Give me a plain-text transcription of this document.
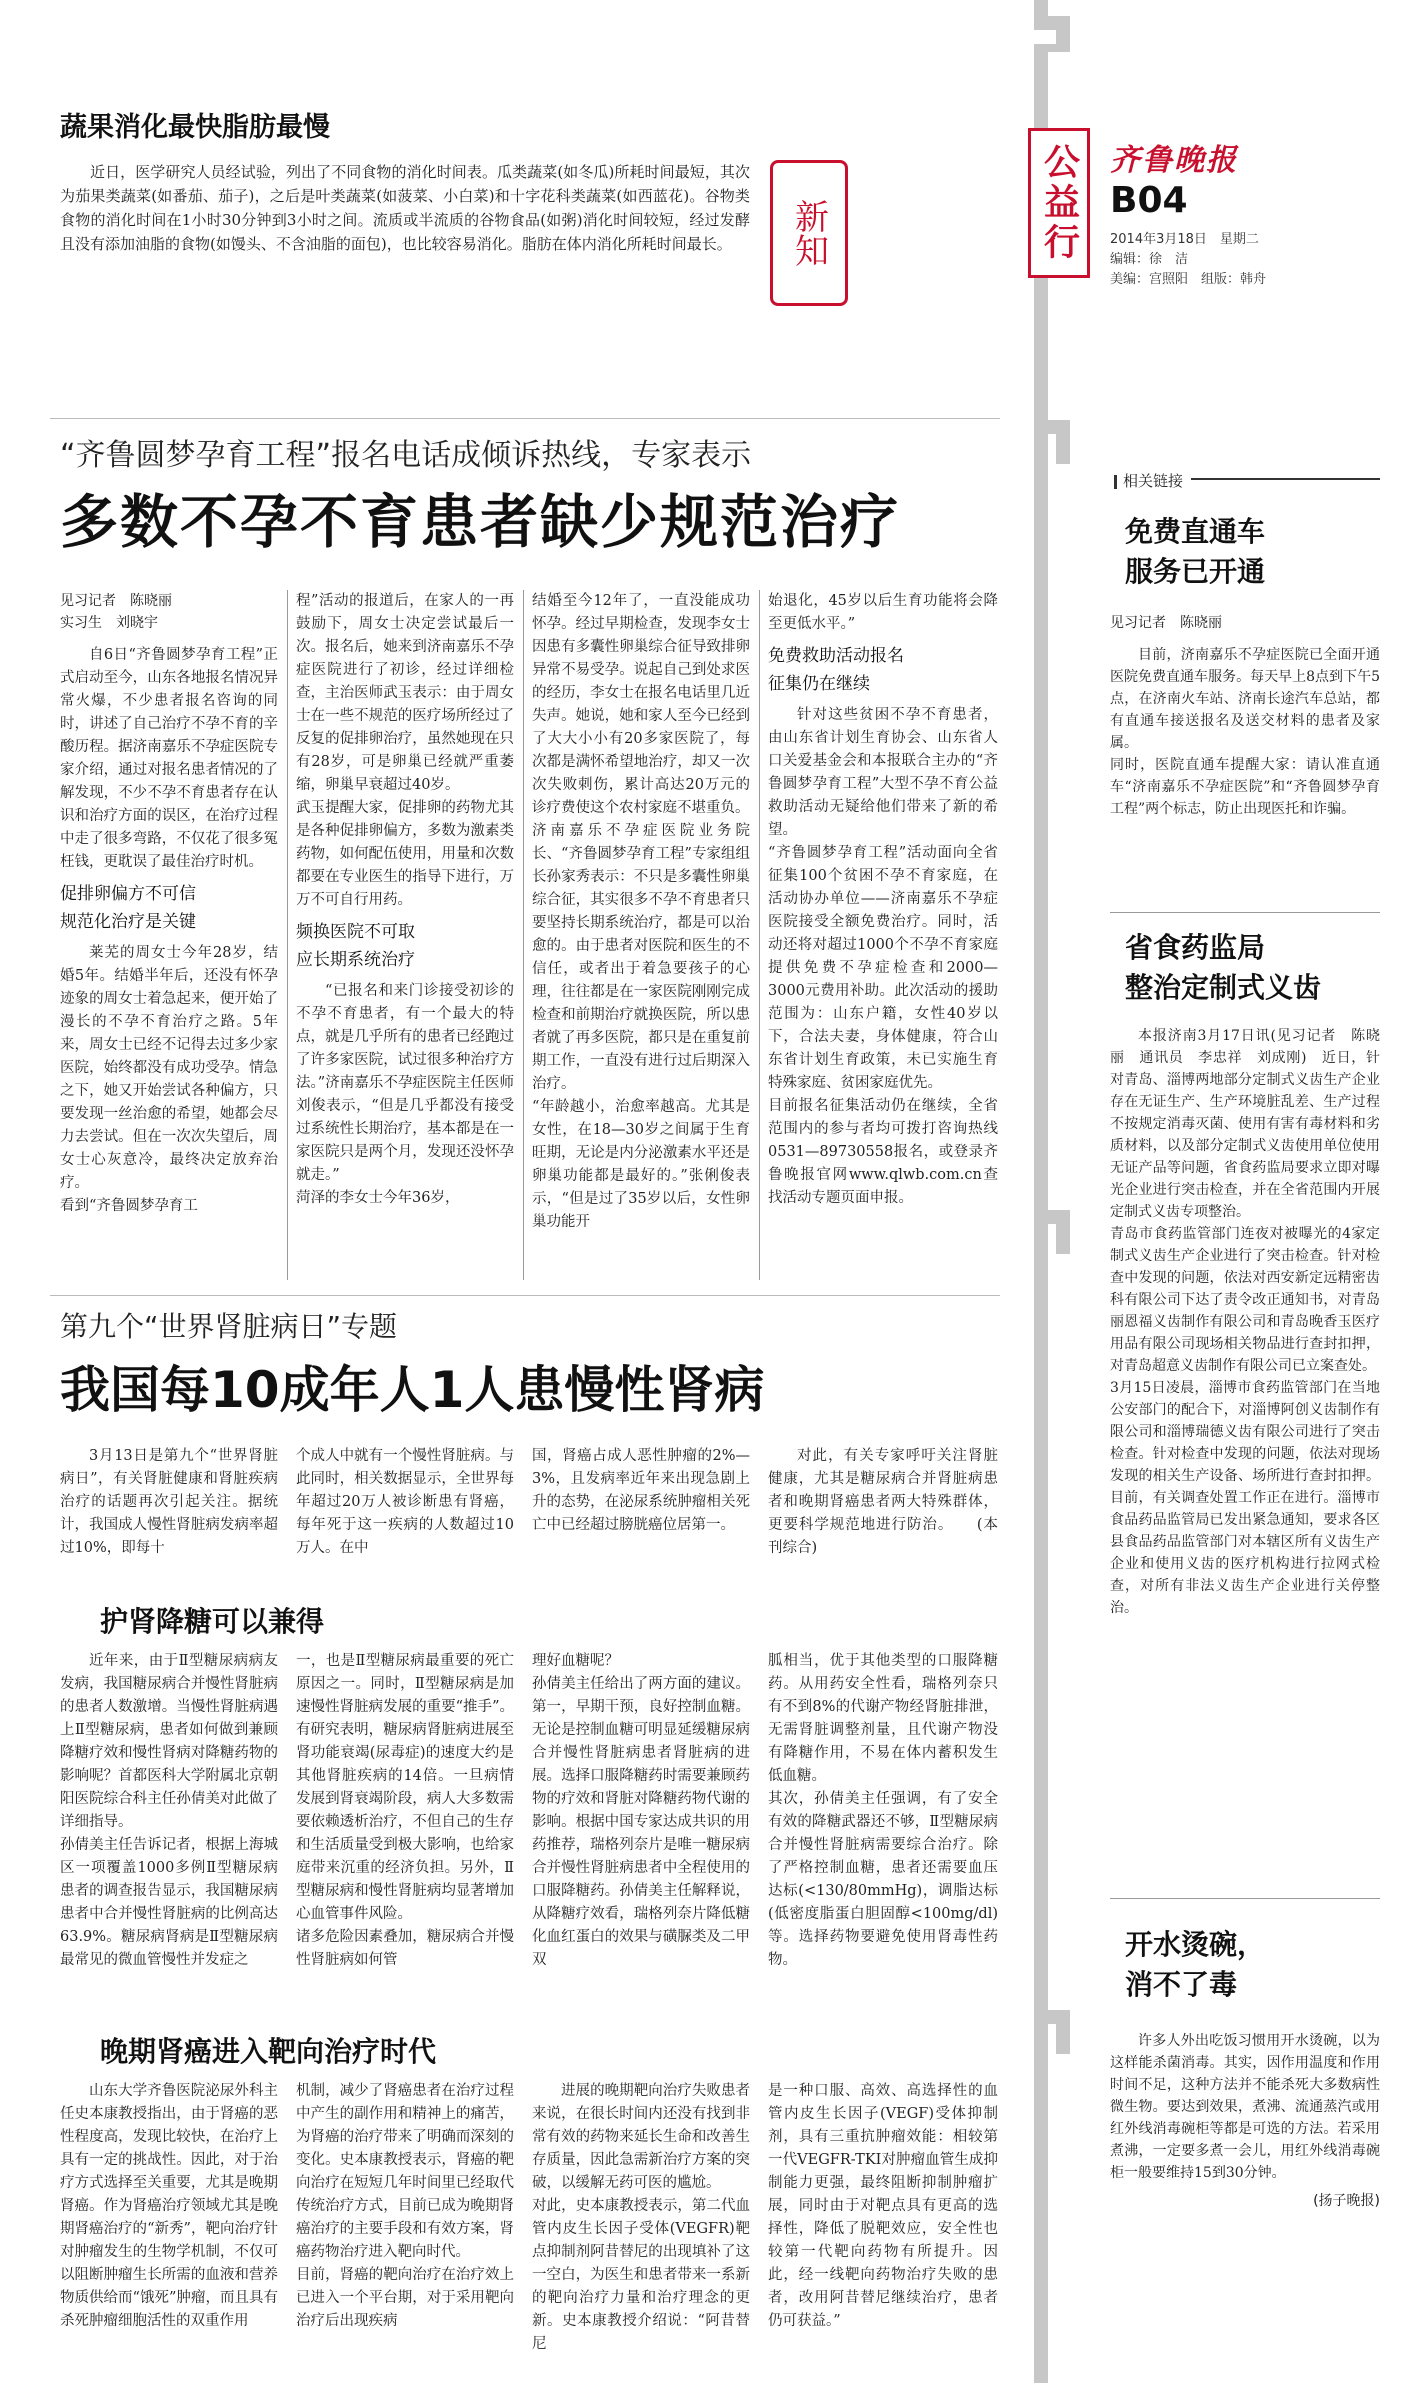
公益行 齐鲁晚报
B04
2014年3月18日　星期二
编辑：徐　洁
美编：宫照阳　组版：韩舟
蔬果消化最快脂肪最慢
新知

近日，医学研究人员经试验，列出了不同食物的消化时间表。瓜类蔬菜(如冬瓜)所耗时间最短，其次为茄果类蔬菜(如番茄、茄子)，之后是叶类蔬菜(如菠菜、小白菜)和十字花科类蔬菜(如西蓝花)。谷物类食物的消化时间在1小时30分钟到3小时之间。流质或半流质的谷物食品(如粥)消化时间较短，经过发酵且没有添加油脂的食物(如馒头、不含油脂的面包)，也比较容易消化。脂肪在体内消化所耗时间最长。

“齐鲁圆梦孕育工程”报名电话成倾诉热线，专家表示
多数不孕不育患者缺少规范治疗

见习记者　陈晓丽

实习生　刘晓宇

自6日“齐鲁圆梦孕育工程”正式启动至今，山东各地报名情况异常火爆，不少患者报名咨询的同时，讲述了自己治疗不孕不育的辛酸历程。据济南嘉乐不孕症医院专家介绍，通过对报名患者情况的了解发现，不少不孕不育患者存在认识和治疗方面的误区，在治疗过程中走了很多弯路，不仅花了很多冤枉钱，更耽误了最佳治疗时机。

促排卵偏方不可信
规范化治疗是关键

莱芜的周女士今年28岁，结婚5年。结婚半年后，还没有怀孕迹象的周女士着急起来，便开始了漫长的不孕不育治疗之路。5年来，周女士已经不记得去过多少家医院，始终都没有成功受孕。情急之下，她又开始尝试各种偏方，只要发现一丝治愈的希望，她都会尽力去尝试。但在一次次失望后，周女士心灰意冷，最终决定放弃治疗。
看到“齐鲁圆梦孕育工

程”活动的报道后，在家人的一再鼓励下，周女士决定尝试最后一次。报名后，她来到济南嘉乐不孕症医院进行了初诊，经过详细检查，主治医师武玉表示：由于周女士在一些不规范的医疗场所经过了反复的促排卵治疗，虽然她现在只有28岁，可是卵巢已经就严重萎缩，卵巢早衰超过40岁。
武玉提醒大家，促排卵的药物尤其是各种促排卵偏方，多数为激素类药物，如何配伍使用，用量和次数都要在专业医生的指导下进行，万万不可自行用药。

频换医院不可取
应长期系统治疗

“已报名和来门诊接受初诊的不孕不育患者，有一个最大的特点，就是几乎所有的患者已经跑过了许多家医院，试过很多种治疗方法。”济南嘉乐不孕症医院主任医师刘俊表示，“但是几乎都没有接受过系统性长期治疗，基本都是在一家医院只是两个月，发现还没怀孕就走。”
菏泽的李女士今年36岁，

结婚至今12年了，一直没能成功怀孕。经过早期检查，发现李女士因患有多囊性卵巢综合征导致排卵异常不易受孕。说起自己到处求医的经历，李女士在报名电话里几近失声。她说，她和家人至今已经到了大大小小有20多家医院了，每次都是满怀希望地治疗，却又一次次失败刺伤，累计高达20万元的诊疗费使这个农村家庭不堪重负。
济南嘉乐不孕症医院业务院长、“齐鲁圆梦孕育工程”专家组组长孙家秀表示：不只是多囊性卵巢综合征，其实很多不孕不育患者只要坚持长期系统治疗，都是可以治愈的。由于患者对医院和医生的不信任，或者出于着急要孩子的心理，往往都是在一家医院刚刚完成检查和前期治疗就换医院，所以患者就了再多医院，都只是在重复前期工作，一直没有进行过后期深入治疗。
“年龄越小，治愈率越高。尤其是女性，在18—30岁之间属于生育旺期，无论是内分泌激素水平还是卵巢功能都是最好的。”张俐俊表示，“但是过了35岁以后，女性卵巢功能开

始退化，45岁以后生育功能将会降至更低水平。”

免费救助活动报名
征集仍在继续

针对这些贫困不孕不育患者，由山东省计划生育协会、山东省人口关爱基金会和本报联合主办的“齐鲁圆梦孕育工程”大型不孕不育公益救助活动无疑给他们带来了新的希望。
“齐鲁圆梦孕育工程”活动面向全省征集100个贫困不孕不育家庭，在活动协办单位——济南嘉乐不孕症医院接受全额免费治疗。同时，活动还将对超过1000个不孕不育家庭提供免费不孕症检查和2000—3000元费用补助。此次活动的援助范围为：山东户籍，女性40岁以下，合法夫妻，身体健康，符合山东省计划生育政策，未已实施生育特殊家庭、贫困家庭优先。
目前报名征集活动仍在继续，全省范围内的参与者均可拨打咨询热线0531—89730558报名，或登录齐鲁晚报官网www.qlwb.com.cn查找活动专题页面申报。

第九个“世界肾脏病日”专题
我国每10成年人1人患慢性肾病

3月13日是第九个“世界肾脏病日”，有关肾脏健康和肾脏疾病治疗的话题再次引起关注。据统计，我国成人慢性肾脏病发病率超过10%，即每十

个成人中就有一个慢性肾脏病。与此同时，相关数据显示，全世界每年超过20万人被诊断患有肾癌，每年死于这一疾病的人数超过10万人。在中

国，肾癌占成人恶性肿瘤的2%—3%，且发病率近年来出现急剧上升的态势，在泌尿系统肿瘤相关死亡中已经超过膀胱癌位居第一。

对此，有关专家呼吁关注肾脏健康，尤其是糖尿病合并肾脏病患者和晚期肾癌患者两大特殊群体，更要科学规范地进行防治。　　(本刊综合)

护肾降糖可以兼得

近年来，由于Ⅱ型糖尿病病友发病，我国糖尿病合并慢性肾脏病的患者人数激增。当慢性肾脏病遇上Ⅱ型糖尿病，患者如何做到兼顾降糖疗效和慢性肾病对降糖药物的影响呢？首都医科大学附属北京朝阳医院综合科主任孙倩美对此做了详细指导。
孙倩美主任告诉记者，根据上海城区一项覆盖1000多例Ⅱ型糖尿病患者的调查报告显示，我国糖尿病患者中合并慢性肾脏病的比例高达63.9%。糖尿病肾病是Ⅱ型糖尿病最常见的微血管慢性并发症之

一，也是Ⅱ型糖尿病最重要的死亡原因之一。同时，Ⅱ型糖尿病是加速慢性肾脏病发展的重要“推手”。有研究表明，糖尿病肾脏病进展至肾功能衰竭(尿毒症)的速度大约是其他肾脏疾病的14倍。一旦病情发展到肾衰竭阶段，病人大多数需要依赖透析治疗，不但自己的生存和生活质量受到极大影响，也给家庭带来沉重的经济负担。另外，Ⅱ型糖尿病和慢性肾脏病均显著增加心血管事件风险。
诸多危险因素叠加，糖尿病合并慢性肾脏病如何管

理好血糖呢？
孙倩美主任给出了两方面的建议。第一，早期干预，良好控制血糖。无论是控制血糖可明显延缓糖尿病合并慢性肾脏病患者肾脏病的进展。选择口服降糖药时需要兼顾药物的疗效和肾脏对降糖药物代谢的影响。根据中国专家达成共识的用药推荐，瑞格列奈片是唯一糖尿病合并慢性肾脏病患者中全程使用的口服降糖药。孙倩美主任解释说，从降糖疗效看，瑞格列奈片降低糖化血红蛋白的效果与磺脲类及二甲双

胍相当，优于其他类型的口服降糖药。从用药安全性看，瑞格列奈只有不到8%的代谢产物经肾脏排泄，无需肾脏调整剂量，且代谢产物没有降糖作用，不易在体内蓄积发生低血糖。
其次，孙倩美主任强调，有了安全有效的降糖武器还不够，Ⅱ型糖尿病合并慢性肾脏病需要综合治疗。除了严格控制血糖，患者还需要血压达标(<130/80mmHg)，调脂达标(低密度脂蛋白胆固醇<100mg/dl)等。选择药物要避免使用肾毒性药物。

晚期肾癌进入靶向治疗时代

山东大学齐鲁医院泌尿外科主任史本康教授指出，由于肾癌的恶性程度高，发现比较快，在治疗上具有一定的挑战性。因此，对于治疗方式选择至关重要，尤其是晚期肾癌。作为肾癌治疗领域尤其是晚期肾癌治疗的“新秀”，靶向治疗针对肿瘤发生的生物学机制，不仅可以阻断肿瘤生长所需的血液和营养物质供给而“饿死”肿瘤，而且具有杀死肿瘤细胞活性的双重作用

机制，减少了肾癌患者在治疗过程中产生的副作用和精神上的痛苦，为肾癌的治疗带来了明确而深刻的变化。史本康教授表示，肾癌的靶向治疗在短短几年时间里已经取代传统治疗方式，目前已成为晚期肾癌治疗的主要手段和有效方案，肾癌药物治疗进入靶向时代。
目前，肾癌的靶向治疗在治疗效上已进入一个平台期，对于采用靶向治疗后出现疾病

进展的晚期靶向治疗失败患者来说，在很长时间内还没有找到非常有效的药物来延长生命和改善生存质量，因此急需新治疗方案的突破，以缓解无药可医的尴尬。
对此，史本康教授表示，第二代血管内皮生长因子受体(VEGFR)靶点抑制剂阿昔替尼的出现填补了这一空白，为医生和患者带来一系新的靶向治疗力量和治疗理念的更新。史本康教授介绍说：“阿昔替尼

是一种口服、高效、高选择性的血管内皮生长因子(VEGF)受体抑制剂，具有三重抗肿瘤效能：相较第一代VEGFR-TKI对肿瘤血管生成抑制能力更强，最终阻断抑制肿瘤扩展，同时由于对靶点具有更高的选择性，降低了脱靶效应，安全性也较第一代靶向药物有所提升。因此，经一线靶向药物治疗失败的患者，改用阿昔替尼继续治疗，患者仍可获益。”

相关链接
免费直通车
服务已开通

见习记者　陈晓丽

目前，济南嘉乐不孕症医院已全面开通医院免费直通车服务。每天早上8点到下午5点，在济南火车站、济南长途汽车总站，都有直通车接送报名及送交材料的患者及家属。
同时，医院直通车提醒大家：请认准直通车“济南嘉乐不孕症医院”和“齐鲁圆梦孕育工程”两个标志，防止出现医托和诈骗。

省食药监局
整治定制式义齿

本报济南3月17日讯(见习记者　陈晓丽　通讯员　李忠祥　刘成刚)　近日，针对青岛、淄博两地部分定制式义齿生产企业存在无证生产、生产环境脏乱差、生产过程不按规定消毒灭菌、使用有害有毒材料和劣质材料，以及部分定制式义齿使用单位使用无证产品等问题，省食药监局要求立即对曝光企业进行突击检查，并在全省范围内开展定制式义齿专项整治。
青岛市食药监管部门连夜对被曝光的4家定制式义齿生产企业进行了突击检查。针对检查中发现的问题，依法对西安新定远精密齿科有限公司下达了责令改正通知书，对青岛丽恩福义齿制作有限公司和青岛晚香玉医疗用品有限公司现场相关物品进行查封扣押，对青岛超意义齿制作有限公司已立案查处。
3月15日凌晨，淄博市食药监管部门在当地公安部门的配合下，对淄博阿创义齿制作有限公司和淄博瑞德义齿有限公司进行了突击检查。针对检查中发现的问题，依法对现场发现的相关生产设备、场所进行查封扣押。目前，有关调查处置工作正在进行。淄博市食品药品监管局已发出紧急通知，要求各区县食品药品监管部门对本辖区所有义齿生产企业和使用义齿的医疗机构进行拉网式检查，对所有非法义齿生产企业进行关停整治。

开水烫碗，
消不了毒

许多人外出吃饭习惯用开水烫碗，以为这样能杀菌消毒。其实，因作用温度和作用时间不足，这种方法并不能杀死大多数病性微生物。要达到效果，煮沸、流通蒸汽或用红外线消毒碗柜等都是可选的方法。若采用煮沸，一定要多煮一会儿，用红外线消毒碗柜一般要维持15到30分钟。

(扬子晚报)
